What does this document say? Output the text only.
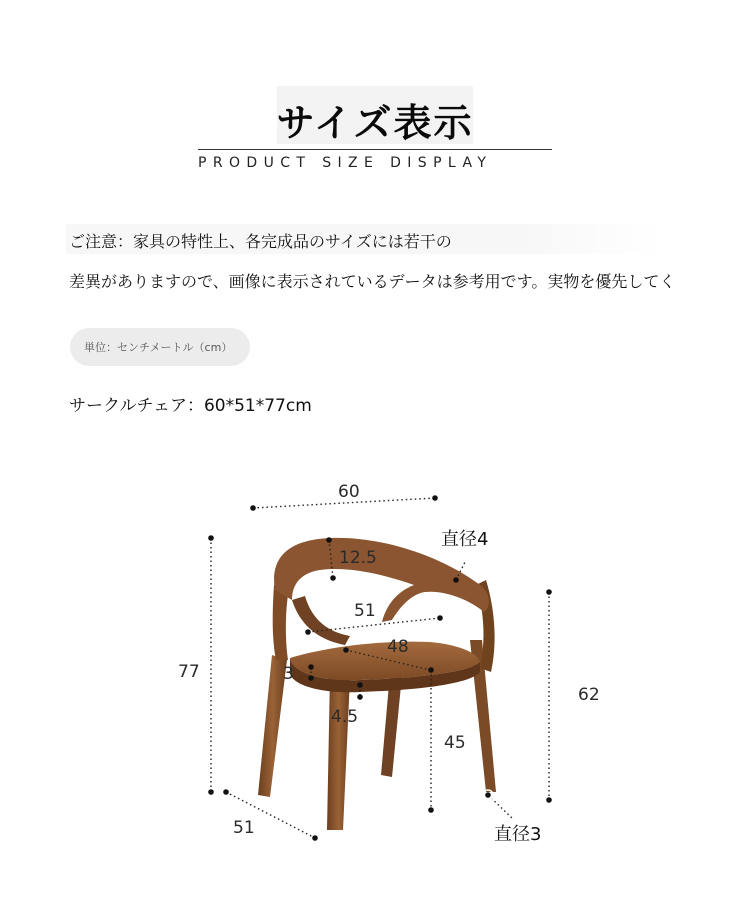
サイズ表示
PRODUCT SIZE DISPLAY
ご注意：家具の特性上、各完成品のサイズには若干の
差異がありますので、画像に表示されているデータは参考用です。実物を優先してく
単位：センチメートル（cm）
サークルチェア：60*51*77cm
60
直径4
12.5
51
48
3
4.5
77
62
45
直径3
51
